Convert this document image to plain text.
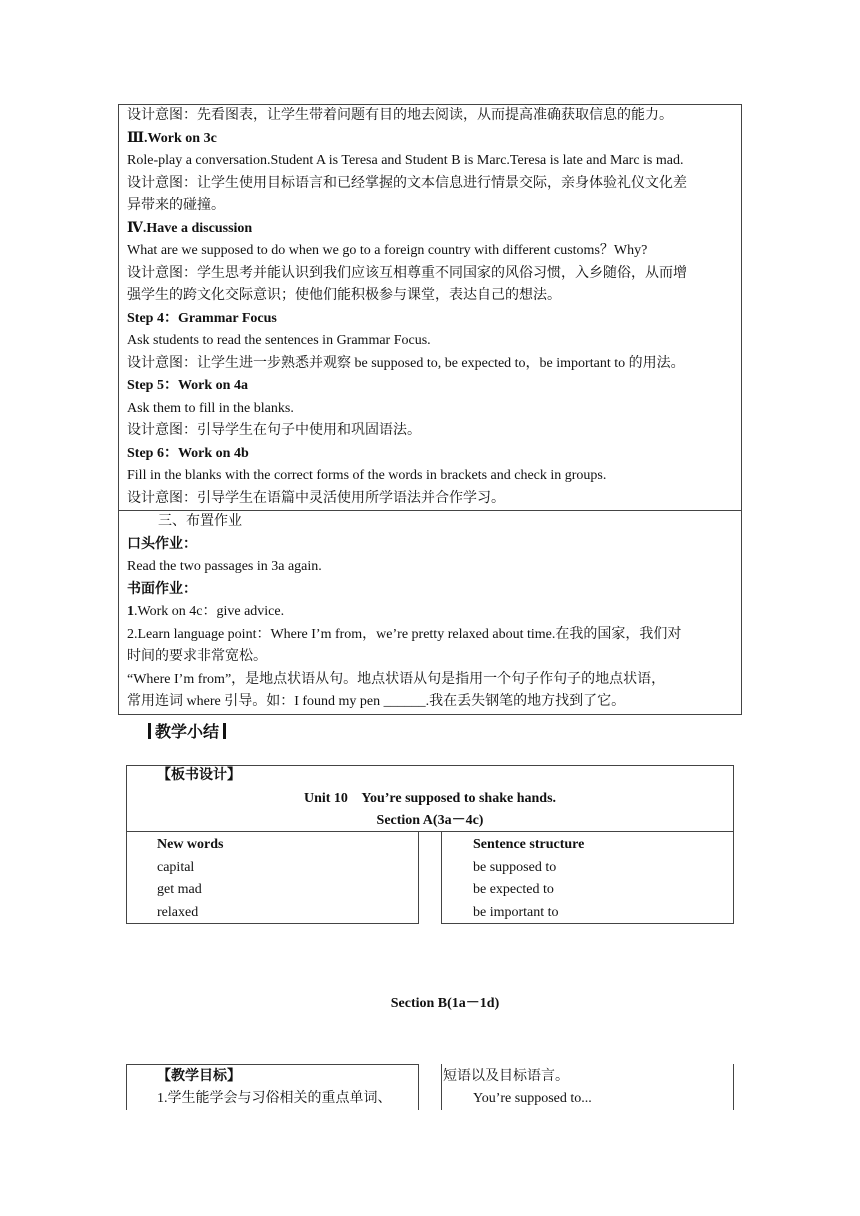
设计意图：先看图表，让学生带着问题有目的地去阅读，从而提高准确获取信息的能力。
Ⅲ.Work on 3c
Role-play a conversation.Student A is Teresa and Student B is Marc.Teresa is late and Marc is mad.
设计意图：让学生使用目标语言和已经掌握的文本信息进行情景交际，亲身体验礼仪文化差
异带来的碰撞。
Ⅳ.Have a discussion
What are we supposed to do when we go to a foreign country with different customs？Why?
设计意图：学生思考并能认识到我们应该互相尊重不同国家的风俗习惯，入乡随俗，从而增
强学生的跨文化交际意识；使他们能积极参与课堂，表达自己的想法。
Step 4：Grammar Focus
Ask students to read the sentences in Grammar Focus.
设计意图：让学生进一步熟悉并观察 be supposed to, be expected to，be important to 的用法。
Step 5：Work on 4a
Ask them to fill in the blanks.
设计意图：引导学生在句子中使用和巩固语法。
Step 6：Work on 4b
Fill in the blanks with the correct forms of the words in brackets and check in groups.
设计意图：引导学生在语篇中灵活使用所学语法并合作学习。
三、布置作业
口头作业：
Read the two passages in 3a again.
书面作业：
1.Work on 4c：give advice.
2.Learn language point：Where I’m from，we’re pretty relaxed about time.在我的国家，我们对
时间的要求非常宽松。
“Where I’m from”，是地点状语从句。地点状语从句是指用一个句子作句子的地点状语，
常用连词 where 引导。如：I found my pen ______.我在丢失钢笔的地方找到了它。
教学小结
【板书设计】
Unit 10    You’re supposed to shake hands.
Section A(3a－4c)
New words
capital
get mad
relaxed
Sentence structure
be supposed to
be expected to
be important to
Section B(1a－1d)
【教学目标】
1.学生能学会与习俗相关的重点单词、
短语以及目标语言。
You’re supposed to...
